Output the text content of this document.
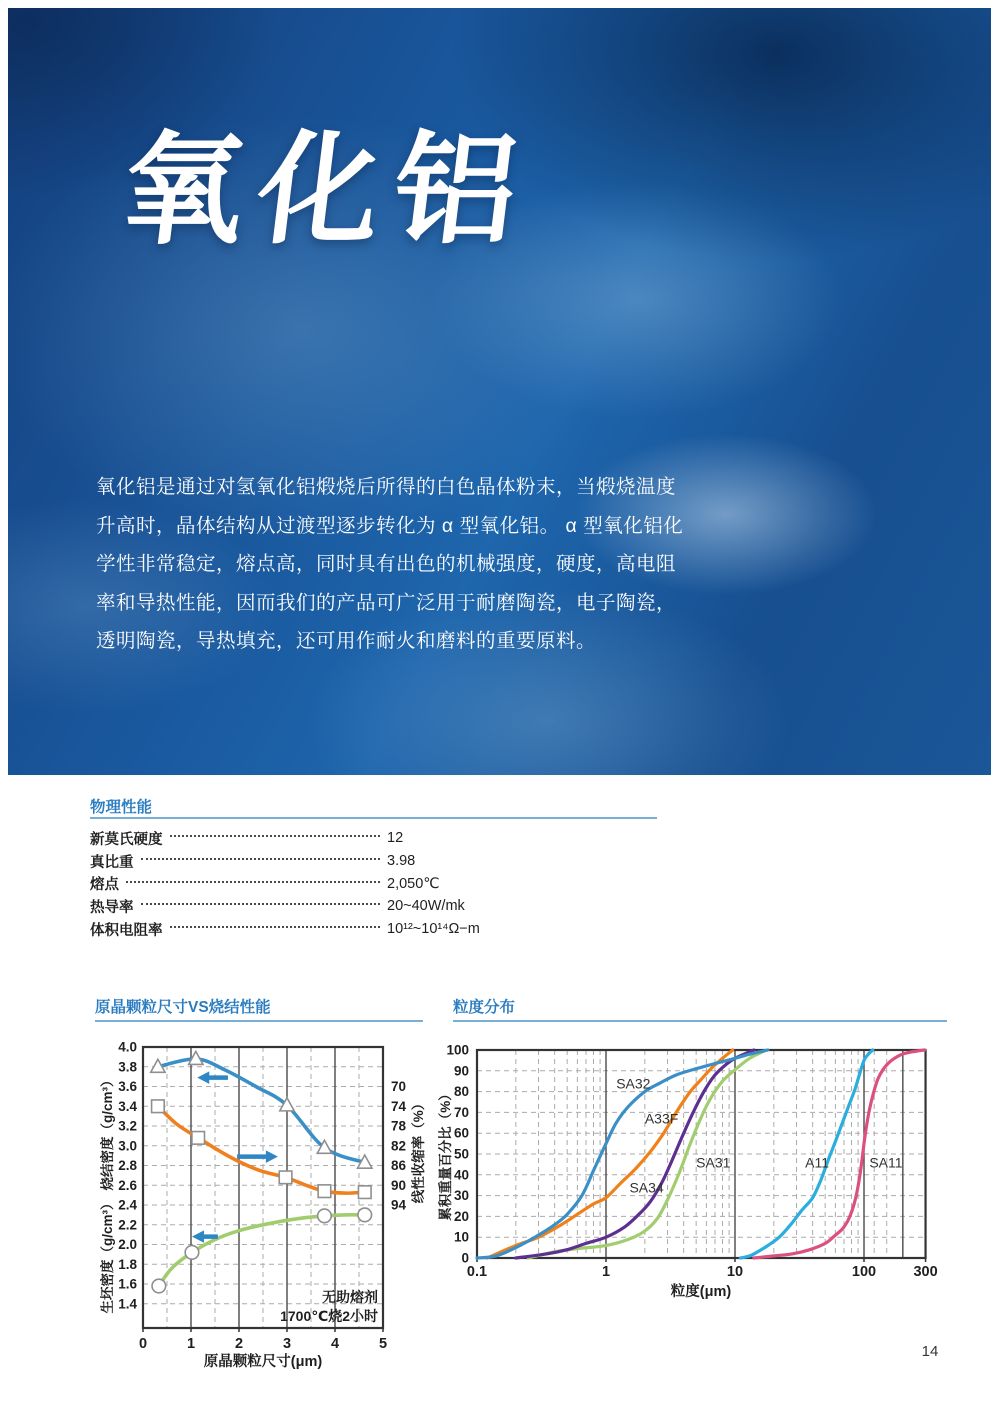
氧化铝
氧化铝是通过对氢氧化铝煅烧后所得的白色晶体粉末，当煅烧温度
升高时，晶体结构从过渡型逐步转化为 α 型氧化铝。 α 型氧化铝化
学性非常稳定，熔点高，同时具有出色的机械强度，硬度，高电阻
率和导热性能，因而我们的产品可广泛用于耐磨陶瓷，电子陶瓷，
透明陶瓷，导热填充，还可用作耐火和磨料的重要原料。
物理性能
新莫氏硬度	12
真比重	3.98
熔点	2,050℃
热导率	20~40W/mk
体积电阻率	10¹²~10¹⁴Ω−m
原晶颗粒尺寸VS烧结性能	粒度分布
4.0
3.8
3.6
3.4
3.2
3.0
2.8
2.6
2.4
2.2
2.0
1.8
1.6
1.4
70
74
78
82
86
90
94
0	1	2	3	4	5
烧结密度（g/cm³）
生坯密度（g/cm³）
线性收缩率（%）
原晶颗粒尺寸(μm)
无助熔剂
1700℃烧2小时
0
10
20
30
40
50
60
70
80
90
100
0.1	1	10	100	300
累积重量百分比（%）
粒度(μm)
SA31
A33F
SA34
SA32
A11	SA11
14
